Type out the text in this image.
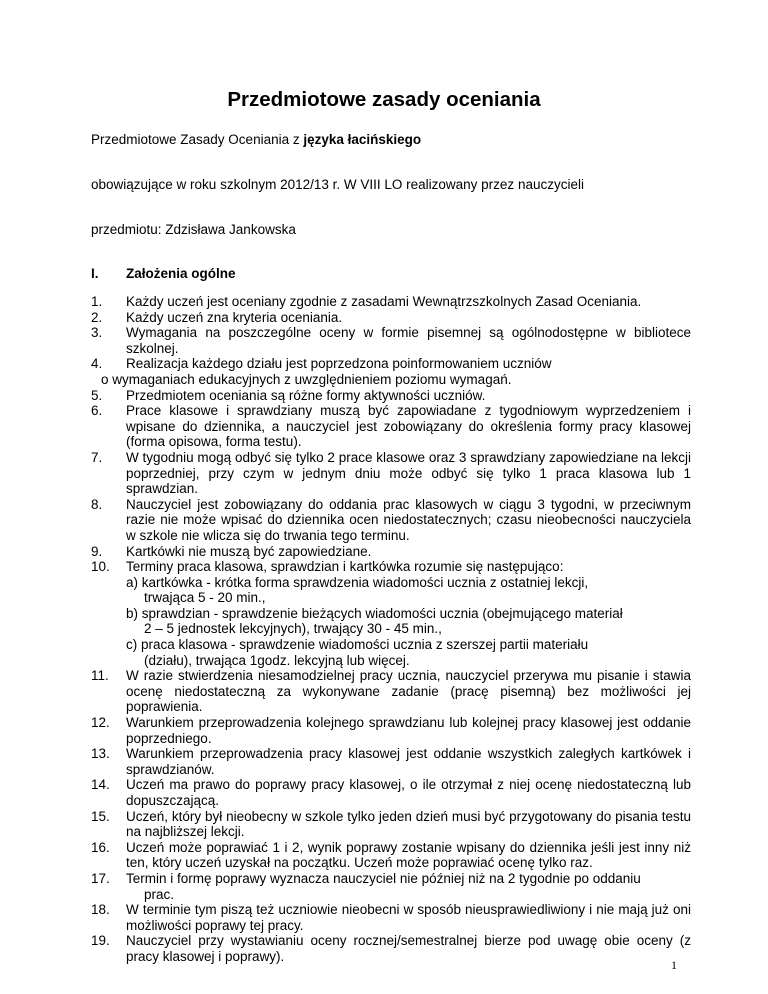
Przedmiotowe zasady oceniania
Przedmiotowe Zasady Oceniania z języka łacińskiego
obowiązujące w roku szkolnym 2012/13 r. W VIII LO realizowany przez nauczycieli
przedmiotu: Zdzisława Jankowska
I. Założenia ogólne
1.	Każdy uczeń jest oceniany zgodnie z zasadami Wewnątrzszkolnych Zasad Oceniania.
2.	Każdy uczeń zna kryteria oceniania.
3.	Wymagania na poszczególne oceny w formie pisemnej są ogólnodostępne w bibliotece szkolnej.
4.	Realizacja każdego działu jest poprzedzona poinformowaniem uczniów
o wymaganiach edukacyjnych z uwzględnieniem poziomu wymagań.
5.	Przedmiotem oceniania są różne formy aktywności uczniów.
6.	Prace klasowe i sprawdziany muszą być zapowiadane z tygodniowym wyprzedzeniem i wpisane do dziennika, a nauczyciel jest zobowiązany do określenia formy pracy klasowej (forma opisowa, forma testu).
7.	W tygodniu mogą odbyć się tylko 2 prace klasowe oraz 3 sprawdziany zapowiedziane na lekcji poprzedniej, przy czym w jednym dniu może odbyć się tylko 1 praca klasowa lub 1 sprawdzian.
8.	Nauczyciel jest zobowiązany do oddania prac klasowych w ciągu 3 tygodni, w przeciwnym razie nie może wpisać do dziennika ocen niedostatecznych; czasu nieobecności nauczyciela w szkole nie wlicza się do trwania tego terminu.
9.	Kartkówki nie muszą być zapowiedziane.
10.	Terminy praca klasowa, sprawdzian i kartkówka rozumie się następująco:
a) kartkówka - krótka forma sprawdzenia wiadomości ucznia z ostatniej lekcji,
trwająca 5 - 20 min.,
b) sprawdzian - sprawdzenie bieżących wiadomości ucznia (obejmującego materiał
2 – 5 jednostek lekcyjnych), trwający 30 - 45 min.,
c) praca klasowa - sprawdzenie wiadomości ucznia z szerszej partii materiału
(działu), trwająca 1godz. lekcyjną lub więcej.
11.	W razie stwierdzenia niesamodzielnej pracy ucznia, nauczyciel przerywa mu pisanie i stawia ocenę niedostateczną za wykonywane zadanie (pracę pisemną) bez możliwości jej poprawienia.
12.	Warunkiem przeprowadzenia kolejnego sprawdzianu lub kolejnej pracy klasowej jest oddanie poprzedniego.
13.	Warunkiem przeprowadzenia pracy klasowej jest oddanie wszystkich zaległych kartkówek i sprawdzianów.
14.	Uczeń ma prawo do poprawy pracy klasowej, o ile otrzymał z niej ocenę niedostateczną lub dopuszczającą.
15.	Uczeń, który był nieobecny w szkole tylko jeden dzień musi być przygotowany do pisania testu na najbliższej lekcji.
16.	Uczeń może poprawiać 1 i 2, wynik poprawy zostanie wpisany do dziennika jeśli jest inny niż ten, który uczeń uzyskał na początku. Uczeń może poprawiać ocenę tylko raz.
17.	Termin i formę poprawy wyznacza nauczyciel nie później niż na 2 tygodnie po oddaniu
prac.
18.	W terminie tym piszą też uczniowie nieobecni w sposób nieusprawiedliwiony i nie mają już oni możliwości poprawy tej pracy.
19.	Nauczyciel przy wystawianiu oceny rocznej/semestralnej bierze pod uwagę obie oceny (z pracy klasowej i poprawy).
1
